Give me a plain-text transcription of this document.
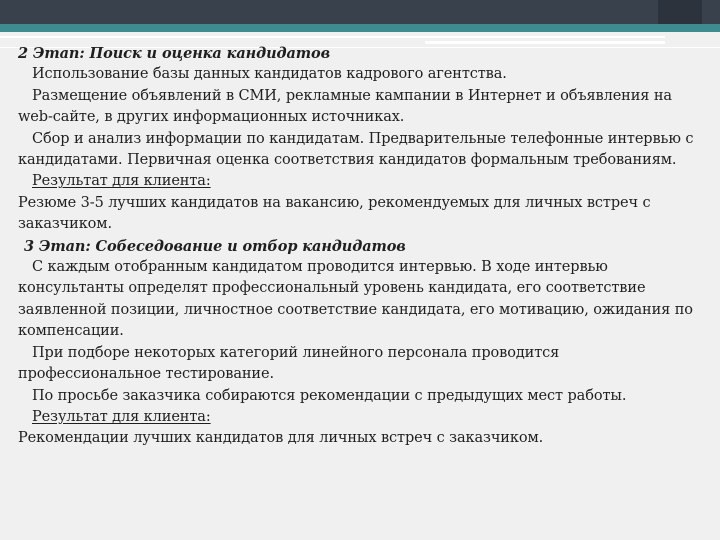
2 Этап: Поиск и оценка кандидатов
Использование базы данных кандидатов кадрового агентства.
Размещение объявлений в СМИ, рекламные кампании в Интернет и объявления на web-сайте, в других информационных источниках.
Сбор и анализ информации по кандидатам. Предварительные телефонные интервью с кандидатами. Первичная оценка соответствия кандидатов формальным требованиям.
Результат для клиента:
Резюме 3-5 лучших кандидатов на вакансию, рекомендуемых для личных встреч с заказчиком.
3 Этап: Собеседование и отбор кандидатов
С каждым отобранным кандидатом проводится интервью. В ходе интервью консультанты определят профессиональный уровень кандидата, его соответствие заявленной позиции, личностное соответствие кандидата, его мотивацию, ожидания по компенсации.
При подборе некоторых категорий линейного персонала проводится профессиональное тестирование.
По просьбе заказчика собираются рекомендации с предыдущих мест работы.
Результат для клиента:
Рекомендации лучших кандидатов для личных встреч с заказчиком.
